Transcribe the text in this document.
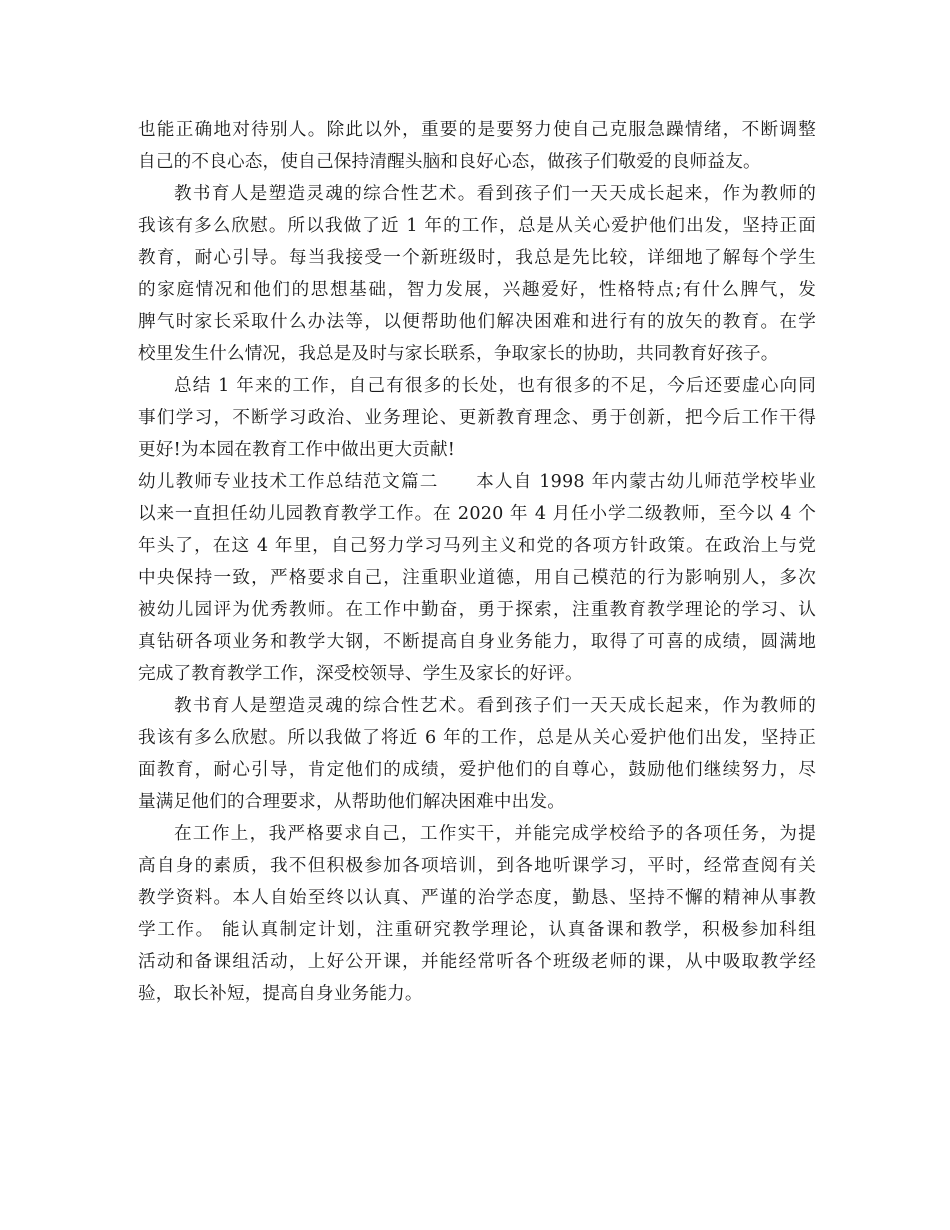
也能正确地对待别人。除此以外，重要的是要努力使自己克服急躁情绪，不断调整
自己的不良心态，使自己保持清醒头脑和良好心态，做孩子们敬爱的良师益友。
教书育人是塑造灵魂的综合性艺术。看到孩子们一天天成长起来，作为教师的
我该有多么欣慰。所以我做了近 1 年的工作，总是从关心爱护他们出发，坚持正面
教育，耐心引导。每当我接受一个新班级时，我总是先比较，详细地了解每个学生
的家庭情况和他们的思想基础，智力发展，兴趣爱好，性格特点;有什么脾气，发
脾气时家长采取什么办法等，以便帮助他们解决困难和进行有的放矢的教育。在学
校里发生什么情况，我总是及时与家长联系，争取家长的协助，共同教育好孩子。
总结 1 年来的工作，自己有很多的长处，也有很多的不足，今后还要虚心向同
事们学习，不断学习政治、业务理论、更新教育理念、勇于创新，把今后工作干得
更好!为本园在教育工作中做出更大贡献!
幼儿教师专业技术工作总结范文篇二　　本人自 1998 年内蒙古幼儿师范学校毕业
以来一直担任幼儿园教育教学工作。在 2020 年 4 月任小学二级教师，至今以 4 个
年头了，在这 4 年里，自己努力学习马列主义和党的各项方针政策。在政治上与党
中央保持一致，严格要求自己，注重职业道德，用自己模范的行为影响别人，多次
被幼儿园评为优秀教师。在工作中勤奋，勇于探索，注重教育教学理论的学习、认
真钻研各项业务和教学大钢，不断提高自身业务能力，取得了可喜的成绩，圆满地
完成了教育教学工作，深受校领导、学生及家长的好评。
教书育人是塑造灵魂的综合性艺术。看到孩子们一天天成长起来，作为教师的
我该有多么欣慰。所以我做了将近 6 年的工作，总是从关心爱护他们出发，坚持正
面教育，耐心引导，肯定他们的成绩，爱护他们的自尊心，鼓励他们继续努力，尽
量满足他们的合理要求，从帮助他们解决困难中出发。
在工作上，我严格要求自己，工作实干，并能完成学校给予的各项任务，为提
高自身的素质，我不但积极参加各项培训，到各地听课学习，平时，经常查阅有关
教学资料。本人自始至终以认真、严谨的治学态度，勤恳、坚持不懈的精神从事教
学工作。 能认真制定计划，注重研究教学理论，认真备课和教学，积极参加科组
活动和备课组活动，上好公开课，并能经常听各个班级老师的课，从中吸取教学经
验，取长补短，提高自身业务能力。
